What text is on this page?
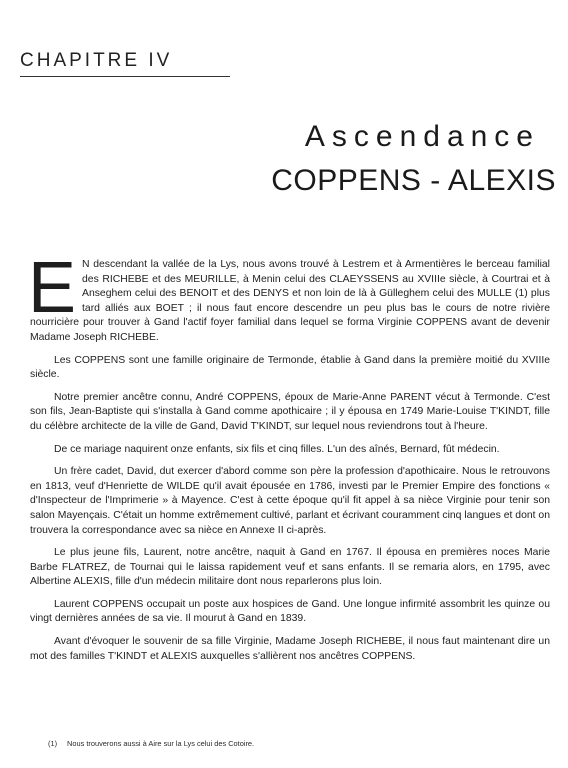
CHAPITRE IV
Ascendance
COPPENS - ALEXIS

E N descendant la vallée de la Lys, nous avons trouvé à Lestrem et à Armentières le berceau familial des RICHEBE et des MEURILLE, à Menin celui des CLAEYSSENS au XVIIIe siècle, à Courtrai et à Anseghem celui des BENOIT et des DENYS et non loin de là à Gülleghem celui des MULLE (1) plus tard alliés aux BOET ; il nous faut encore descendre un peu plus bas le cours de notre rivière nourricière pour trouver à Gand l'actif foyer familial dans lequel se forma Virginie COPPENS avant de devenir Madame Joseph RICHEBE.

Les COPPENS sont une famille originaire de Termonde, établie à Gand dans la première moitié du XVIIIe siècle.

Notre premier ancêtre connu, André COPPENS, époux de Marie-Anne PARENT vécut à Termonde. C'est son fils, Jean-Baptiste qui s'installa à Gand comme apothicaire ; il y épousa en 1749 Marie-Louise T'KINDT, fille du célèbre architecte de la ville de Gand, David T'KINDT, sur lequel nous reviendrons tout à l'heure.

De ce mariage naquirent onze enfants, six fils et cinq filles. L'un des aînés, Bernard, fût médecin.

Un frère cadet, David, dut exercer d'abord comme son père la profession d'apothicaire. Nous le retrouvons en 1813, veuf d'Henriette de WILDE qu'il avait épousée en 1786, investi par le Premier Empire des fonctions « d'Inspecteur de l'Imprimerie » à Mayence. C'est à cette époque qu'il fit appel à sa nièce Virginie pour tenir son salon Mayençais. C'était un homme extrêmement cultivé, parlant et écrivant couramment cinq langues et dont on trouvera la correspondance avec sa nièce en Annexe II ci-après.

Le plus jeune fils, Laurent, notre ancêtre, naquit à Gand en 1767. Il épousa en premières noces Marie Barbe FLATREZ, de Tournai qui le laissa rapidement veuf et sans enfants. Il se remaria alors, en 1795, avec Albertine ALEXIS, fille d'un médecin militaire dont nous reparlerons plus loin.

Laurent COPPENS occupait un poste aux hospices de Gand. Une longue infirmité assombrit les quinze ou vingt dernières années de sa vie. Il mourut à Gand en 1839.

Avant d'évoquer le souvenir de sa fille Virginie, Madame Joseph RICHEBE, il nous faut maintenant dire un mot des familles T'KINDT et ALEXIS auxquelles s'allièrent nos ancêtres COPPENS.

(1) Nous trouverons aussi à Aire sur la Lys celui des Cotoire.
